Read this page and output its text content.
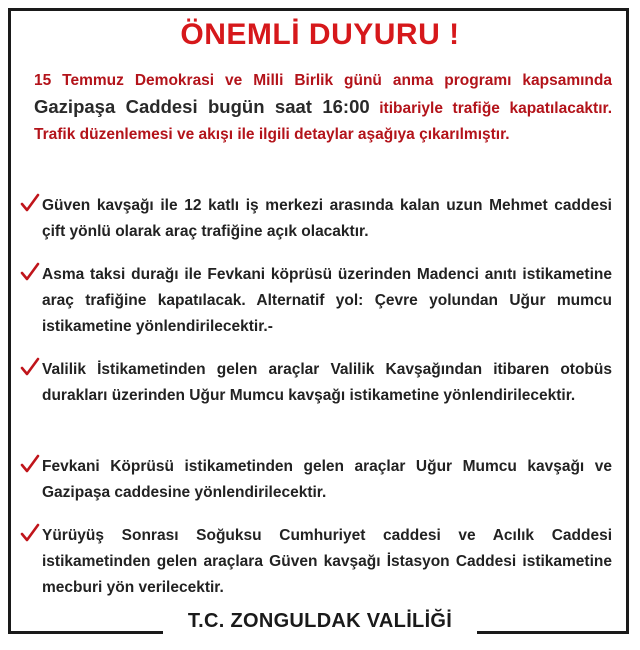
ÖNEMLİ DUYURU !
15 Temmuz Demokrasi ve Milli Birlik günü anma programı kapsamında Gazipaşa Caddesi bugün saat 16:00 itibariyle trafiğe kapatılacaktır. Trafik düzenlemesi ve akışı ile ilgili detaylar aşağıya çıkarılmıştır.
Güven kavşağı ile 12 katlı iş merkezi arasında kalan uzun Mehmet caddesi çift yönlü olarak araç trafiğine açık olacaktır.
Asma taksi durağı ile Fevkani köprüsü üzerinden Madenci anıtı istikametine araç trafiğine kapatılacak. Alternatif yol: Çevre yolundan Uğur mumcu istikametine yönlendirilecektir.-
Valilik İstikametinden gelen araçlar Valilik Kavşağından itibaren otobüs durakları üzerinden Uğur Mumcu kavşağı istikametine yönlendirilecektir.
Fevkani Köprüsü istikametinden gelen araçlar Uğur Mumcu kavşağı ve Gazipaşa caddesine yönlendirilecektir.
Yürüyüş Sonrası Soğuksu Cumhuriyet caddesi ve Acılık Caddesi istikametinden gelen araçlara Güven kavşağı İstasyon Caddesi istikametine mecburi yön verilecektir.
T.C. ZONGULDAK VALİLİĞİ
